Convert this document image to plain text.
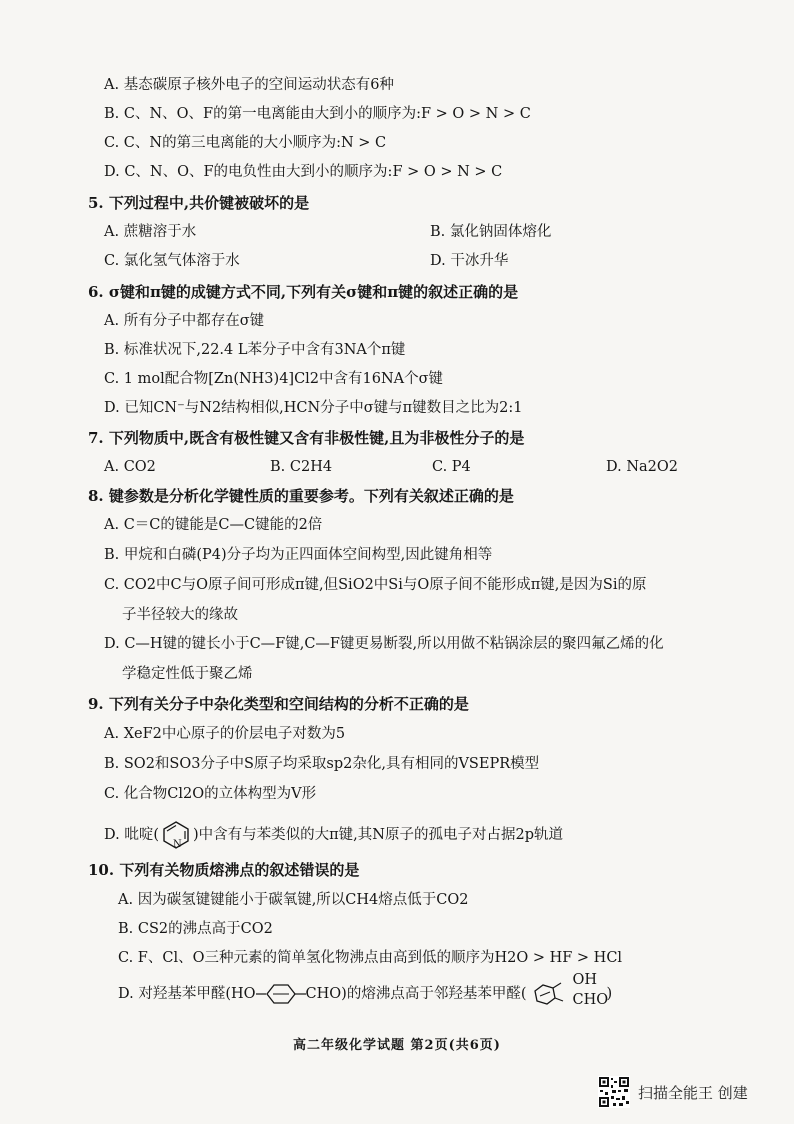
A. 基态碳原子核外电子的空间运动状态有6种
B. C、N、O、F的第一电离能由大到小的顺序为:F > O > N > C
C. C、N的第三电离能的大小顺序为:N > C
D. C、N、O、F的电负性由大到小的顺序为:F > O > N > C
5. 下列过程中,共价键被破坏的是
A. 蔗糖溶于水	B. 氯化钠固体熔化
C. 氯化氢气体溶于水	D. 干冰升华
6. σ键和π键的成键方式不同,下列有关σ键和π键的叙述正确的是
A. 所有分子中都存在σ键
B. 标准状况下,22.4 L苯分子中含有3NA个π键
C. 1 mol配合物[Zn(NH3)4]Cl2中含有16NA个σ键
D. 已知CN⁻与N2结构相似,HCN分子中σ键与π键数目之比为2:1
7. 下列物质中,既含有极性键又含有非极性键,且为非极性分子的是
A. CO2	B. C2H4	C. P4	D. Na2O2
8. 键参数是分析化学键性质的重要参考。下列有关叙述正确的是
A. C＝C的键能是C—C键能的2倍
B. 甲烷和白磷(P4)分子均为正四面体空间构型,因此键角相等
C. CO2中C与O原子间可形成π键,但SiO2中Si与O原子间不能形成π键,是因为Si的原
子半径较大的缘故
D. C—H键的键长小于C—F键,C—F键更易断裂,所以用做不粘锅涂层的聚四氟乙烯的化
学稳定性低于聚乙烯
9. 下列有关分子中杂化类型和空间结构的分析不正确的是
A. XeF2中心原子的价层电子对数为5
B. SO2和SO3分子中S原子均采取sp2杂化,具有相同的VSEPR模型
C. 化合物Cl2O的立体构型为V形
D. 吡啶(
N
)中含有与苯类似的大π键,其N原子的孤电子对占据2p轨道
10. 下列有关物质熔沸点的叙述错误的是
A. 因为碳氢键键能小于碳氧键,所以CH4熔点低于CO2
B. CS2的沸点高于CO2
C. F、Cl、O三种元素的简单氢化物沸点由高到低的顺序为H2O > HF > HCl
D. 对羟基苯甲醛(HO	CHO)的熔沸点高于邻羟基苯甲醛(
OH
CHO
)
高二年级化学试题 第2页(共6页)
扫描全能王 创建
